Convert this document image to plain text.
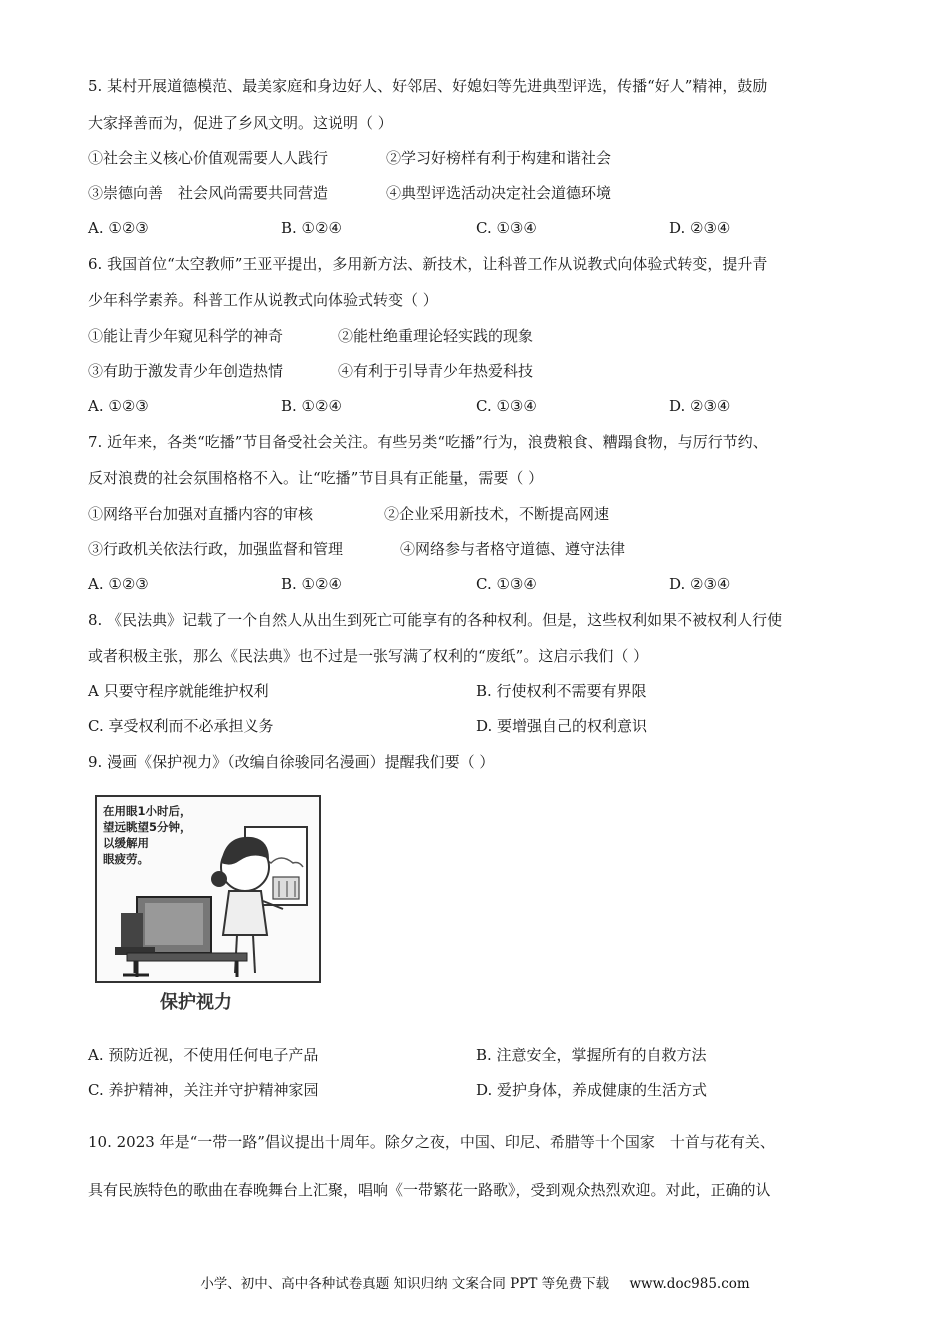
5. 某村开展道德模范、最美家庭和身边好人、好邻居、好媳妇等先进典型评选，传播“好人”精神，鼓励
大家择善而为，促进了乡风文明。这说明（ ）
①社会主义核心价值观需要人人践行	②学习好榜样有利于构建和谐社会
③崇德向善　社会风尚需要共同营造	④典型评选活动决定社会道德环境
A. ①②③	B. ①②④	C. ①③④	D. ②③④
6. 我国首位“太空教师”王亚平提出，多用新方法、新技术，让科普工作从说教式向体验式转变，提升青
少年科学素养。科普工作从说教式向体验式转变（ ）
①能让青少年窥见科学的神奇	②能杜绝重理论轻实践的现象
③有助于激发青少年创造热情	④有利于引导青少年热爱科技
A. ①②③	B. ①②④	C. ①③④	D. ②③④
7. 近年来，各类“吃播”节目备受社会关注。有些另类“吃播”行为，浪费粮食、糟蹋食物，与厉行节约、
反对浪费的社会氛围格格不入。让“吃播”节目具有正能量，需要（ ）
①网络平台加强对直播内容的审核	②企业采用新技术，不断提高网速
③行政机关依法行政，加强监督和管理	④网络参与者格守道德、遵守法律
A. ①②③	B. ①②④	C. ①③④	D. ②③④
8. 《民法典》记载了一个自然人从出生到死亡可能享有的各种权利。但是，这些权利如果不被权利人行使
或者积极主张，那么《民法典》也不过是一张写满了权利的“废纸”。这启示我们（ ）
A 只要守程序就能维护权利	B. 行使权利不需要有界限
C. 享受权利而不必承担义务	D. 要增强自己的权利意识
9. 漫画《保护视力》（改编自徐骏同名漫画）提醒我们要（ ）
在用眼1小时后，
望远眺望5分钟，
以缓解用
眼疲劳。
保护视力
A. 预防近视，不使用任何电子产品	B. 注意安全，掌握所有的自救方法
C. 养护精神，关注并守护精神家园	D. 爱护身体，养成健康的生活方式
10. 2023 年是“一带一路”倡议提出十周年。除夕之夜，中国、印尼、希腊等十个国家　十首与花有关、
具有民族特色的歌曲在春晚舞台上汇聚，唱响《一带繁花一路歌》，受到观众热烈欢迎。对此，正确的认
小学、初中、高中各种试卷真题 知识归纳 文案合同 PPT 等免费下载 www.doc985.com
